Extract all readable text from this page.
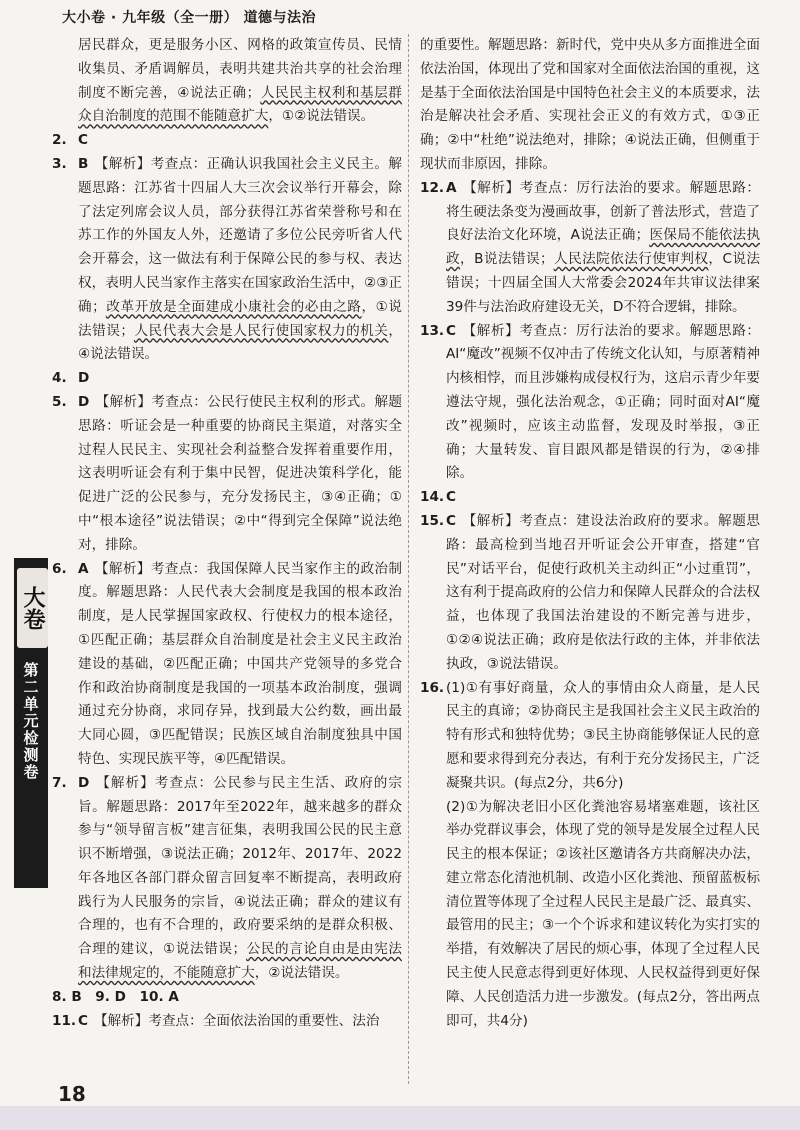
大小卷 · 九年级（全一册） 道德与法治

居民群众，更是服务小区、网格的政策宣传员、民情收集员、矛盾调解员，表明共建共治共享的社会治理制度不断完善，④说法正确；人民民主权利和基层群众自治制度的范围不能随意扩大，①②说法错误。

2. C

3. B 【解析】考查点：正确认识我国社会主义民主。解题思路：江苏省十四届人大三次会议举行开幕会，除了法定列席会议人员，部分获得江苏省荣誉称号和在苏工作的外国友人外，还邀请了多位公民旁听省人代会开幕会，这一做法有利于保障公民的参与权、表达权，表明人民当家作主落实在国家政治生活中，②③正确；改革开放是全面建成小康社会的必由之路，①说法错误；人民代表大会是人民行使国家权力的机关，④说法错误。

4. D

5. D 【解析】考查点：公民行使民主权利的形式。解题思路：听证会是一种重要的协商民主渠道，对落实全过程人民民主、实现社会利益整合发挥着重要作用，这表明听证会有利于集中民智，促进决策科学化，能促进广泛的公民参与，充分发扬民主，③④正确；①中“根本途径”说法错误；②中“得到完全保障”说法绝对，排除。

6. A 【解析】考查点：我国保障人民当家作主的政治制度。解题思路：人民代表大会制度是我国的根本政治制度，是人民掌握国家政权、行使权力的根本途径，①匹配正确；基层群众自治制度是社会主义民主政治建设的基础，②匹配正确；中国共产党领导的多党合作和政治协商制度是我国的一项基本政治制度，强调通过充分协商，求同存异，找到最大公约数，画出最大同心圆，③匹配错误；民族区域自治制度独具中国特色、实现民族平等，④匹配错误。

7. D 【解析】考查点：公民参与民主生活、政府的宗旨。解题思路：2017年至2022年，越来越多的群众参与“领导留言板”建言征集，表明我国公民的民主意识不断增强，③说法正确；2012年、2017年、2022年各地区各部门群众留言回复率不断提高，表明政府践行为人民服务的宗旨，④说法正确；群众的建议有合理的，也有不合理的，政府要采纳的是群众积极、合理的建议，①说法错误；公民的言论自由是由宪法和法律规定的，不能随意扩大，②说法错误。

8. B　9. D　10. A

11. C 【解析】考查点：全面依法治国的重要性、法治

的重要性。解题思路：新时代，党中央从多方面推进全面依法治国，体现出了党和国家对全面依法治国的重视，这是基于全面依法治国是中国特色社会主义的本质要求，法治是解决社会矛盾、实现社会正义的有效方式，①③正确；②中“杜绝”说法绝对，排除；④说法正确，但侧重于现状而非原因，排除。

12. A 【解析】考查点：厉行法治的要求。解题思路：将生硬法条变为漫画故事，创新了普法形式，营造了良好法治文化环境，A说法正确；医保局不能依法执政，B说法错误；人民法院依法行使审判权，C说法错误；十四届全国人大常委会2024年共审议法律案39件与法治政府建设无关，D不符合逻辑，排除。

13. C 【解析】考查点：厉行法治的要求。解题思路：AI“魔改”视频不仅冲击了传统文化认知，与原著精神内核相悖，而且涉嫌构成侵权行为，这启示青少年要遵法守规，强化法治观念，①正确；同时面对AI“魔改”视频时，应该主动监督，发现及时举报，③正确；大量转发、盲目跟风都是错误的行为，②④排除。

14. C

15. C 【解析】考查点：建设法治政府的要求。解题思路：最高检到当地召开听证会公开审查，搭建“官民”对话平台，促使行政机关主动纠正“小过重罚”，这有利于提高政府的公信力和保障人民群众的合法权益，也体现了我国法治建设的不断完善与进步，①②④说法正确；政府是依法行政的主体，并非依法执政，③说法错误。

16. (1)①有事好商量，众人的事情由众人商量，是人民民主的真谛；②协商民主是我国社会主义民主政治的特有形式和独特优势；③民主协商能够保证人民的意愿和要求得到充分表达，有利于充分发扬民主，广泛凝聚共识。(每点2分，共6分)

(2)①为解决老旧小区化粪池容易堵塞难题，该社区举办党群议事会，体现了党的领导是发展全过程人民民主的根本保证；②该社区邀请各方共商解决办法，建立常态化清池机制、改造小区化粪池、预留蓝板标清位置等体现了全过程人民民主是最广泛、最真实、最管用的民主；③一个个诉求和建议转化为实打实的举措，有效解决了居民的烦心事，体现了全过程人民民主使人民意志得到更好体现、人民权益得到更好保障、人民创造活力进一步激发。(每点2分，答出两点即可，共4分)

大卷
第二单元检测卷
18
